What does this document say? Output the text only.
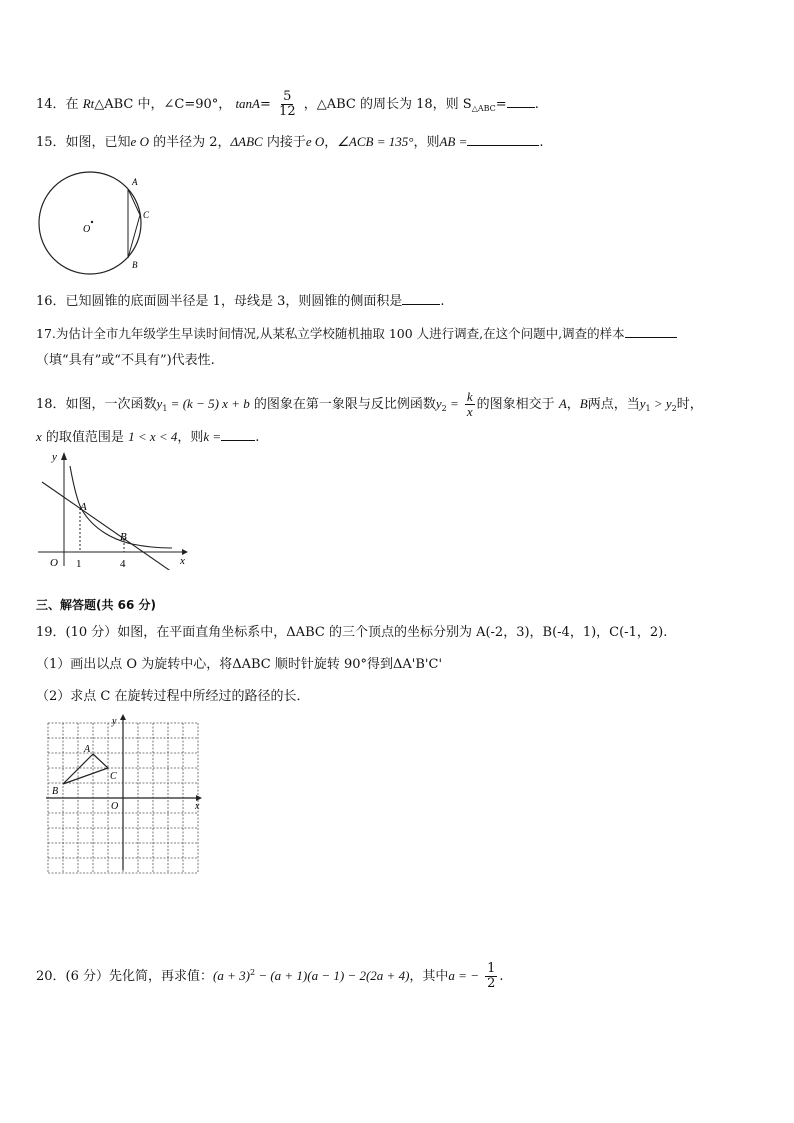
14．在 Rt△ABC 中，∠C=90°， $\tan A= \frac{5}{12}$ ，△ABC 的周长为 18，则 $S_{\triangle ABC}=$ .
15．如图，已知e O 的半径为 2，ΔABC 内接于e O，∠ACB = 135°，则AB =	.
A
C
B
O
16．已知圆锥的底面圆半径是 1，母线是 3，则圆锥的侧面积是	.
17.为估计全市九年级学生早读时间情况,从某私立学校随机抽取 100 人进行调查,在这个问题中,调查的样本
（填“具有”或“不具有”)代表性.
18．如图，一次函数$y_1 = (k - 5) x + b$ 的图象在第一象限与反比例函数$y_2 = \frac{k}{x}$ 的图象相交于 A，B两点，当$y_1 > y_2$时，
x 的取值范围是 1 < x < 4，则k =	.
y
x
O
A
B
1	4
三、解答题(共 66 分)
19．(10 分）如图，在平面直角坐标系中，ΔABC 的三个顶点的坐标分别为 A(-2，3)，B(-4，1)，C(-1，2).
（1）画出以点 O 为旋转中心，将ΔABC 顺时针旋转 90°得到ΔA'B'C'
（2）求点 C 在旋转过程中所经过的路径的长．
A
B
C
O
y
x
20．(6 分）先化简，再求值：$(a + 3)^2 - (a + 1)(a - 1) - 2(2a + 4)$，其中a = − $\frac{1}{2}$ .
